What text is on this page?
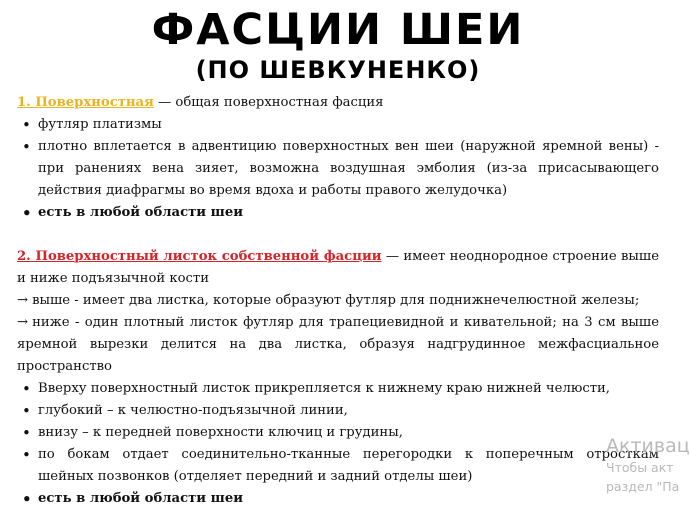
ФАСЦИИ ШЕИ
(ПО ШЕВКУНЕНКО)

1. Поверхностная — общая поверхностная фасция

• футляр платизмы
• плотно вплетается в адвентицию поверхностных вен шеи (наружной яремной вены) - при ранениях вена зияет, возможна воздушная эмболия (из-за присасывающего действия диафрагмы во время вдоха и работы правого желудочка)
• есть в любой области шеи

2. Поверхностный листок собственной фасции — имеет неоднородное строение выше и ниже подъязычной кости

→ выше - имеет два листка, которые образуют футляр для поднижнечелюстной железы;

→ ниже - один плотный листок футляр для трапециевидной и кивательной; на 3 см выше яремной вырезки делится на два листка, образуя надгрудинное межфасциальное пространство

• Вверху поверхностный листок прикрепляется к нижнему краю нижней челюсти,
• глубокий – к челюстно-подъязычной линии,
• внизу – к передней поверхности ключиц и грудины,
• по бокам отдает соединительно-тканные перегородки к поперечным отросткам шейных позвонков (отделяет передний и задний отделы шеи)
• есть в любой области шеи
Активац
Чтобы акт
раздел "Па
